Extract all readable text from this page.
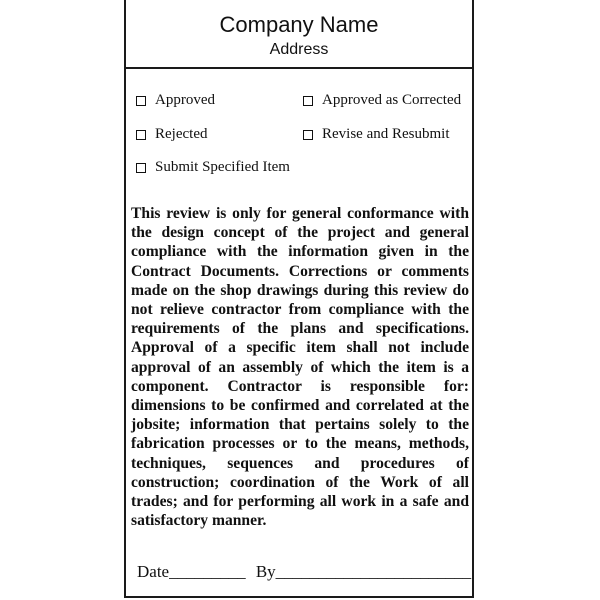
Company Name
Address
Approved	Approved as Corrected
Rejected	Revise and Resubmit
Submit Specified Item

This review is only for general conformance with the design concept of the project and general compliance with the information given in the Contract Documents. Corrections or comments made on the shop drawings during this review do not relieve contractor from compliance with the requirements of the plans and specifications. Approval of a specific item shall not include approval of an assembly of which the item is a component. Contractor is responsible for: dimensions to be confirmed and correlated at the jobsite; information that pertains solely to the fabrication processes or to the means, methods, techniques, sequences and procedures of construction; coordination of the Work of all trades; and for performing all work in a safe and satisfactory manner.

Date_________ By_______________________
